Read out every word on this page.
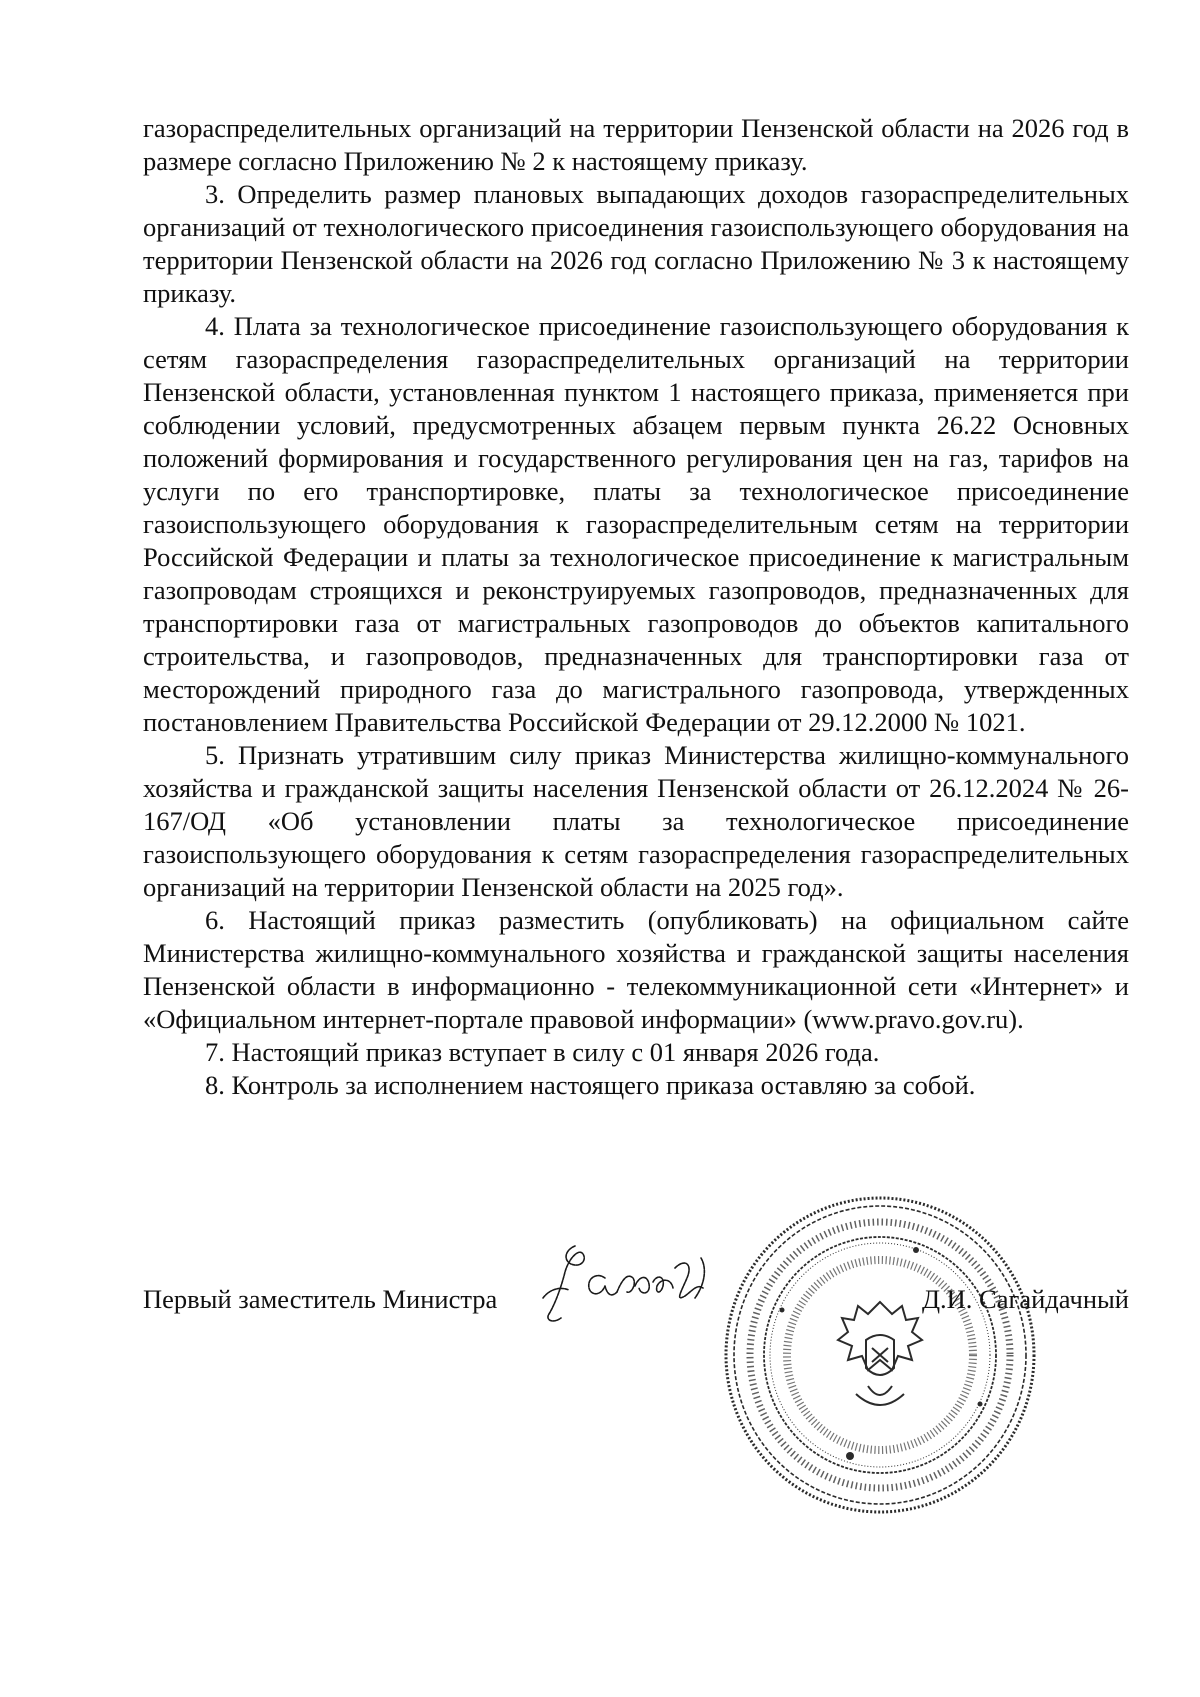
газораспределительных организаций на территории Пензенской области на 2026 год в размере согласно Приложению № 2 к настоящему приказу.

3. Определить размер плановых выпадающих доходов газораспределительных организаций от технологического присоединения газоиспользующего оборудования на территории Пензенской области на 2026 год согласно Приложению № 3 к настоящему приказу.

4. Плата за технологическое присоединение газоиспользующего оборудования к сетям газораспределения газораспределительных организаций на территории Пензенской области, установленная пунктом 1 настоящего приказа, применяется при соблюдении условий, предусмотренных абзацем первым пункта 26.22 Основных положений формирования и государственного регулирования цен на газ, тарифов на услуги по его транспортировке, платы за технологическое присоединение газоиспользующего оборудования к газораспределительным сетям на территории Российской Федерации и платы за технологическое присоединение к магистральным газопроводам строящихся и реконструируемых газопроводов, предназначенных для транспортировки газа от магистральных газопроводов до объектов капитального строительства, и газопроводов, предназначенных для транспортировки газа от месторождений природного газа до магистрального газопровода, утвержденных постановлением Правительства Российской Федерации от 29.12.2000 № 1021.

5. Признать утратившим силу приказ Министерства жилищно-коммунального хозяйства и гражданской защиты населения Пензенской области от 26.12.2024 № 26-167/ОД «Об установлении платы за технологическое присоединение газоиспользующего оборудования к сетям газораспределения газораспределительных организаций на территории Пензенской области на 2025 год».

6. Настоящий приказ разместить (опубликовать) на официальном сайте Министерства жилищно-коммунального хозяйства и гражданской защиты населения Пензенской области в информационно - телекоммуникационной сети «Интернет» и «Официальном интернет-портале правовой информации» (www.pravo.gov.ru).

7. Настоящий приказ вступает в силу с 01 января 2026 года.

8. Контроль за исполнением настоящего приказа оставляю за собой.

Первый заместитель Министра	Д.И. Сагайдачный
